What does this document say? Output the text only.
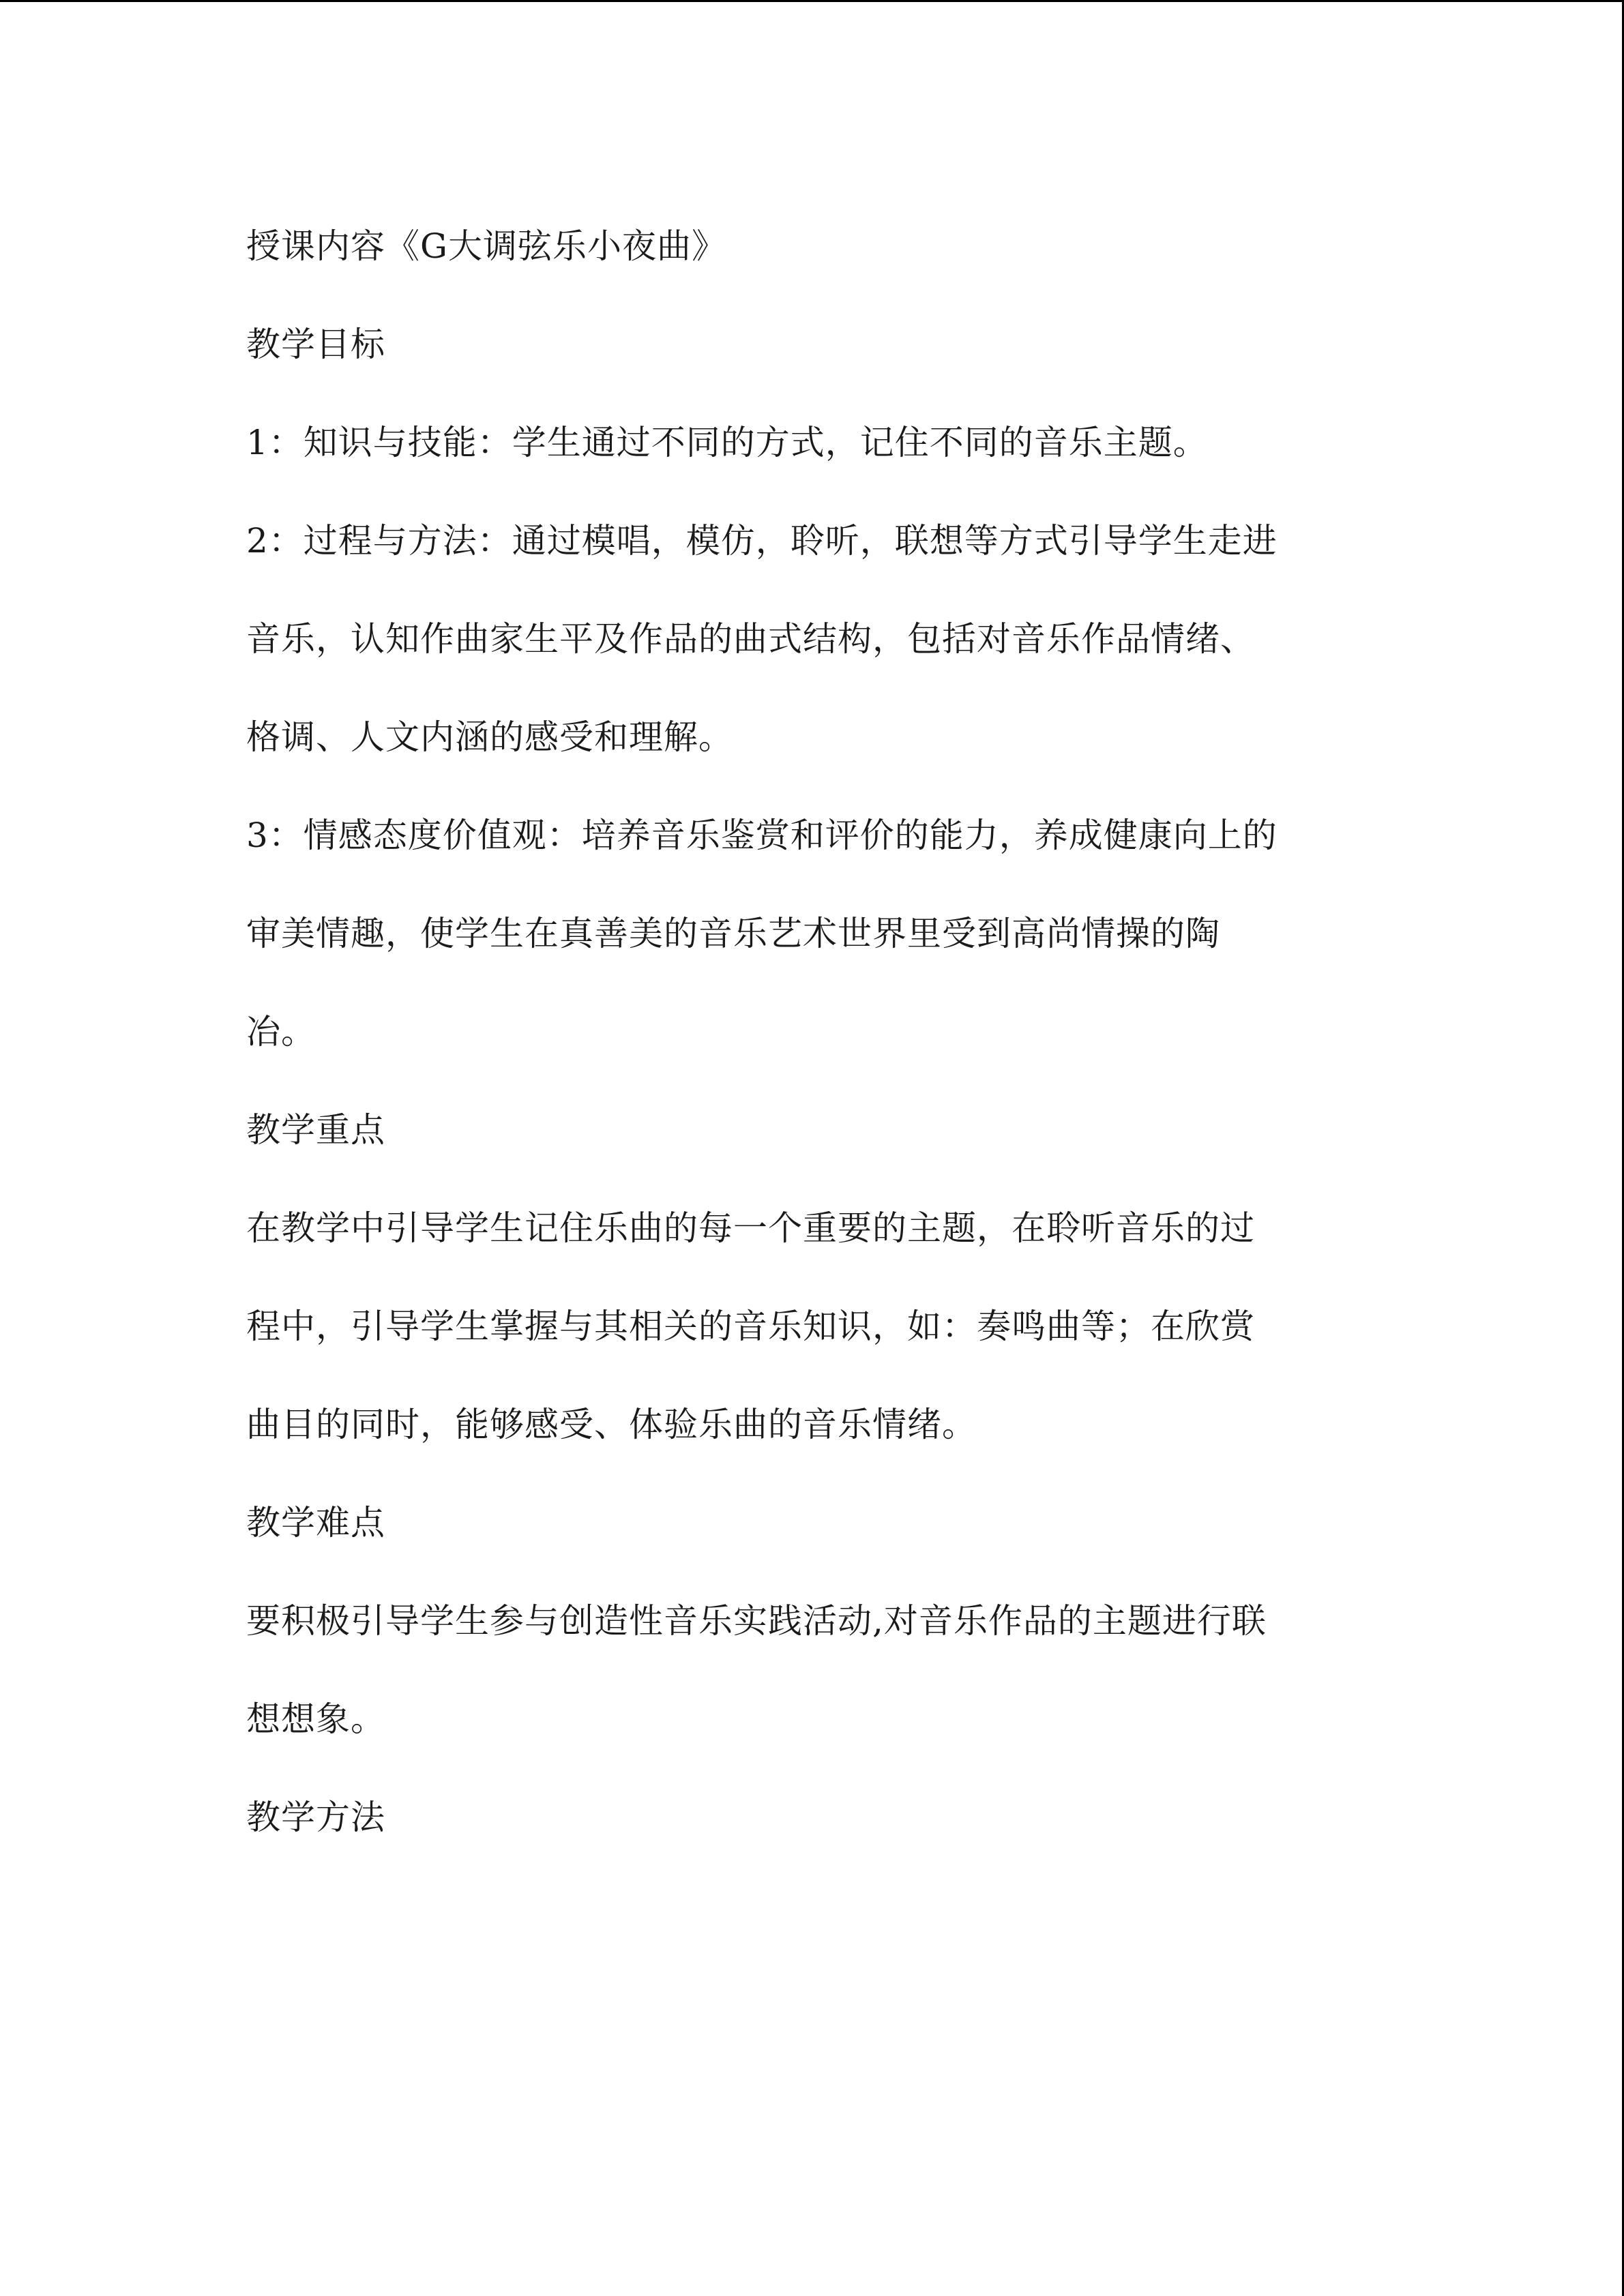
授课内容《G大调弦乐小夜曲》

教学目标

1：知识与技能：学生通过不同的方式，记住不同的音乐主题。

2：过程与方法：通过模唱，模仿，聆听，联想等方式引导学生走进

音乐，认知作曲家生平及作品的曲式结构，包括对音乐作品情绪、

格调、人文内涵的感受和理解。

3：情感态度价值观：培养音乐鉴赏和评价的能力，养成健康向上的

审美情趣，使学生在真善美的音乐艺术世界里受到高尚情操的陶

冶。

教学重点

在教学中引导学生记住乐曲的每一个重要的主题，在聆听音乐的过

程中，引导学生掌握与其相关的音乐知识，如：奏鸣曲等；在欣赏

曲目的同时，能够感受、体验乐曲的音乐情绪。

教学难点

要积极引导学生参与创造性音乐实践活动,对音乐作品的主题进行联

想想象。

教学方法
